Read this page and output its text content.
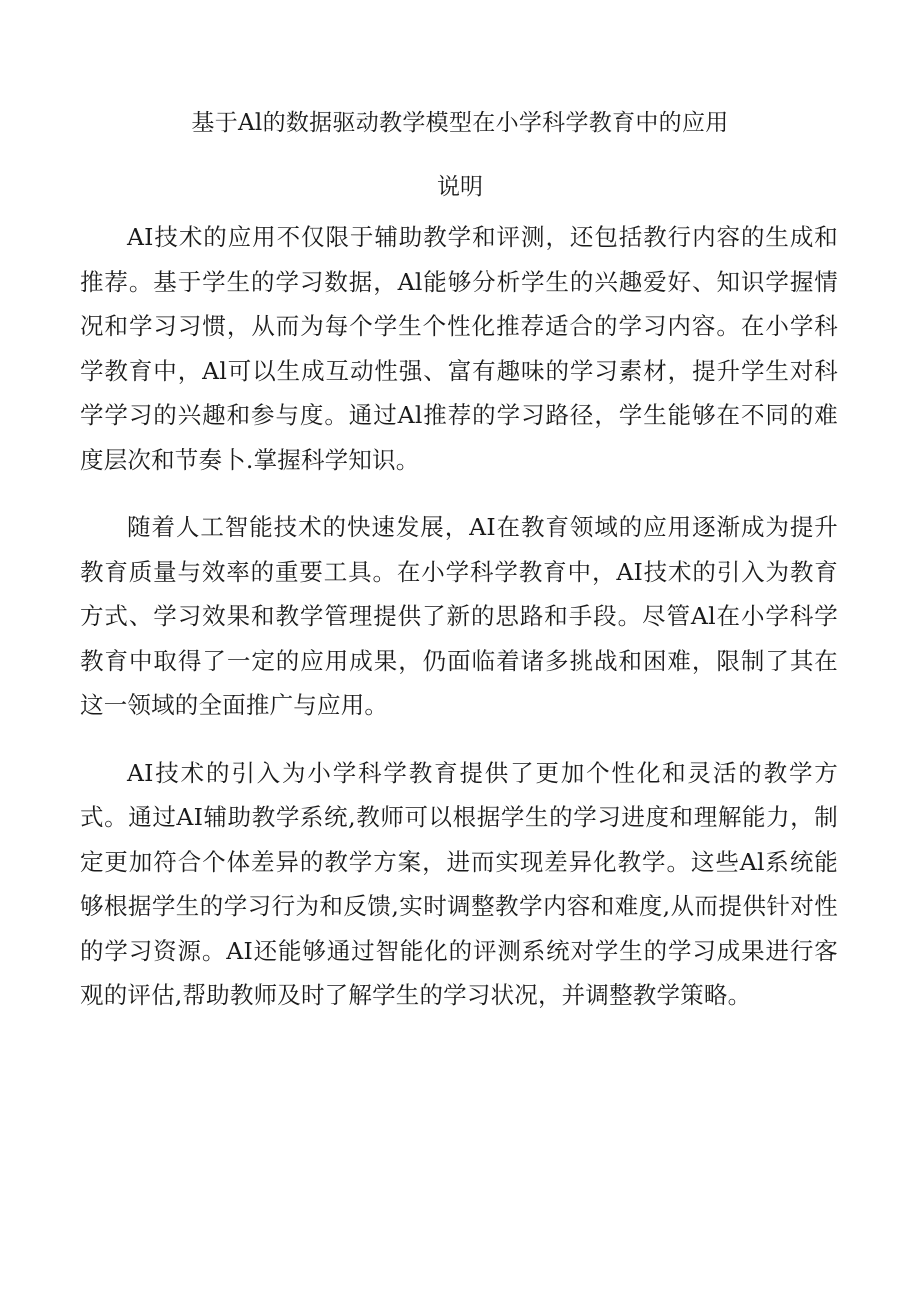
基于Al的数据驱动教学模型在小学科学教育中的应用
说明

AI技术的应用不仅限于辅助教学和评测，还包括教行内容的生成和推荐。基于学生的学习数据，Al能够分析学生的兴趣爱好、知识学握情况和学习习惯，从而为每个学生个性化推荐适合的学习内容。在小学科学教育中，Al可以生成互动性强、富有趣味的学习素材，提升学生对科学学习的兴趣和参与度。通过Al推荐的学习路径，学生能够在不同的难度层次和节奏卜.掌握科学知识。

随着人工智能技术的快速发展，AI在教育领域的应用逐渐成为提升教育质量与效率的重要工具。在小学科学教育中，AI技术的引入为教育方式、学习效果和教学管理提供了新的思路和手段。尽管Al在小学科学教育中取得了一定的应用成果，仍面临着诸多挑战和困难，限制了其在这一领域的全面推广与应用。

AI技术的引入为小学科学教育提供了更加个性化和灵活的教学方式。通过AI辅助教学系统,教师可以根据学生的学习进度和理解能力，制定更加符合个体差异的教学方案，进而实现差异化教学。这些Al系统能够根据学生的学习行为和反馈,实时调整教学内容和难度,从而提供针对性的学习资源。AI还能够通过智能化的评测系统对学生的学习成果进行客观的评估,帮助教师及时了解学生的学习状况，并调整教学策略。
